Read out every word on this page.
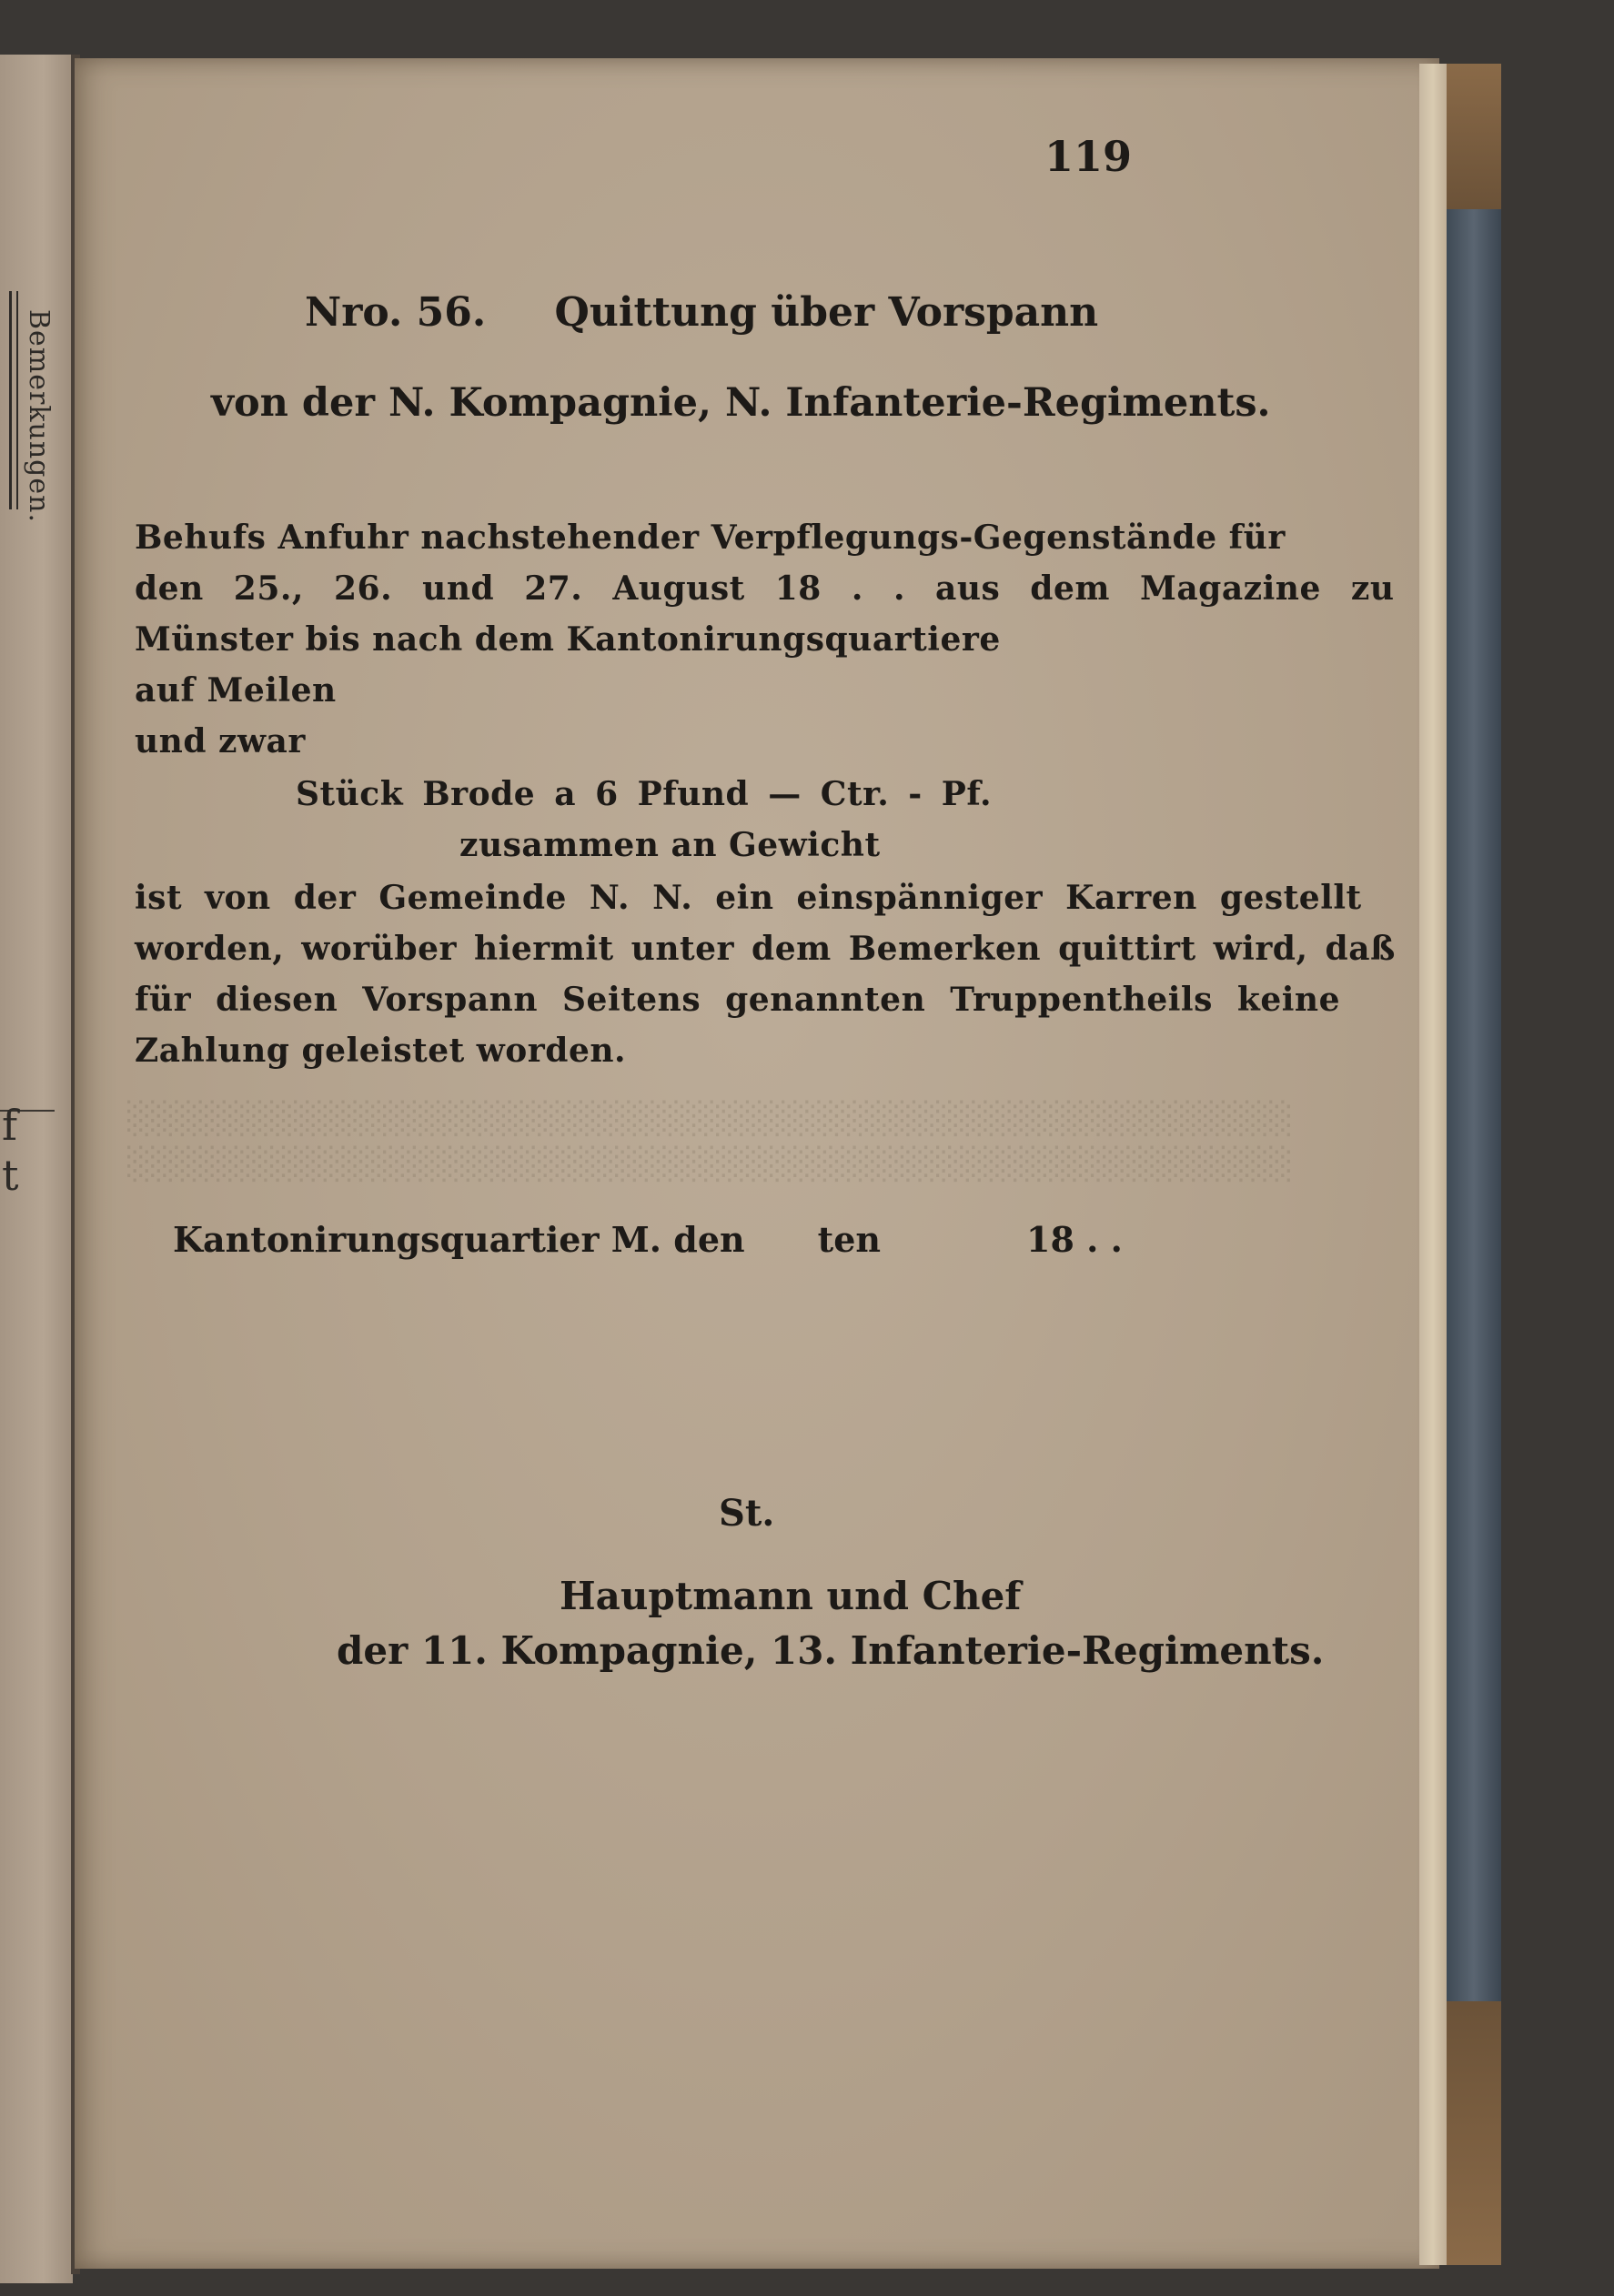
Bemerkungen.
f
t
░░░░░░░░░░░░░░░░░░░░░░░░░░░░░░░░░░░░░░░░░░░░░░░░░
░░░░░░░░░░░░░░░░░░░░░░░░░░░░░░░░░░░░░░░░░░░░░░░░░
119
Nro. 56. Quittung über Vorspann
von der N. Kompagnie, N. Infanterie-Regiments.
Behufs Anfuhr nachstehender Verpflegungs-Gegenstände für
den 25., 26. und 27. August 18 . . aus dem Magazine zu
Münster bis nach dem Kantonirungsquartiere
auf Meilen
und zwar
Stück Brode a 6 Pfund — Ctr. - Pf.
zusammen an Gewicht
ist von der Gemeinde N. N. ein einspänniger Karren gestellt
worden, worüber hiermit unter dem Bemerken quittirt wird, daß
für diesen Vorspann Seitens genannten Truppentheils keine
Zahlung geleistet worden.
Kantonirungsquartier M. den ten	18 . .
St.
Hauptmann und Chef
der 11. Kompagnie, 13. Infanterie-Regiments.
